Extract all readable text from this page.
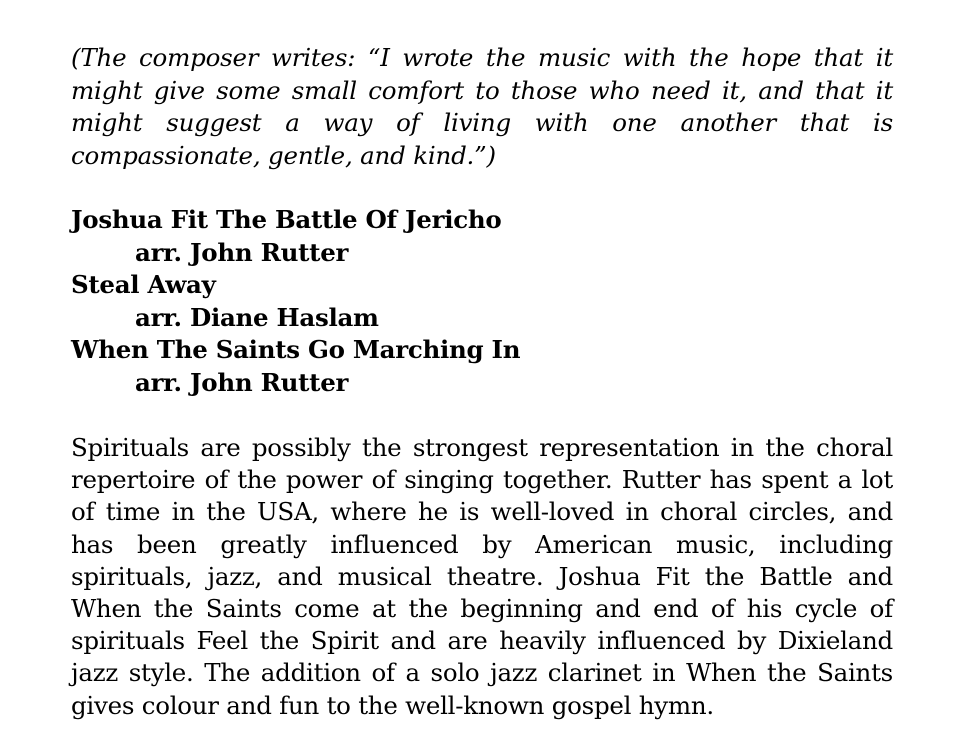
(The composer writes: “I wrote the music with the hope that it might give some small comfort to those who need it, and that it might suggest a way of living with one another that is compassionate, gentle, and kind.”)

Joshua Fit The Battle Of Jericho
arr. John Rutter
Steal Away
arr. Diane Haslam
When The Saints Go Marching In
arr. John Rutter

Spirituals are possibly the strongest representation in the choral repertoire of the power of singing together. Rutter has spent a lot of time in the USA, where he is well-loved in choral circles, and has been greatly influenced by American music, including spirituals, jazz, and musical theatre. Joshua Fit the Battle and When the Saints come at the beginning and end of his cycle of spirituals Feel the Spirit and are heavily influenced by Dixieland jazz style. The addition of a solo jazz clarinet in When the Saints gives colour and fun to the well-known gospel hymn.
